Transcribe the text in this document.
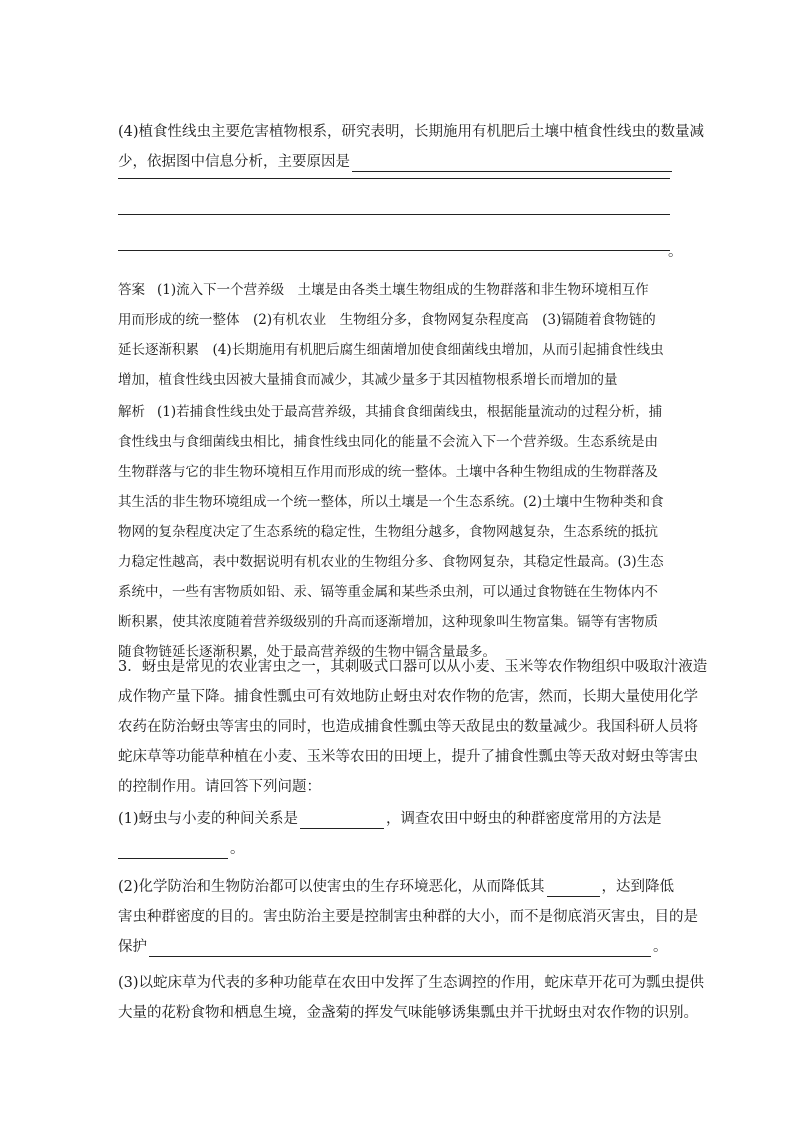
(4)植食性线虫主要危害植物根系，研究表明，长期施用有机肥后土壤中植食性线虫的数量减
少，依据图中信息分析，主要原因是
。
答案 (1)流入下一个营养级　土壤是由各类土壤生物组成的生物群落和非生物环境相互作
用而形成的统一整体　(2)有机农业　生物组分多，食物网复杂程度高　(3)镉随着食物链的
延长逐渐积累　(4)长期施用有机肥后腐生细菌增加使食细菌线虫增加，从而引起捕食性线虫
增加，植食性线虫因被大量捕食而减少，其减少量多于其因植物根系增长而增加的量
解析 (1)若捕食性线虫处于最高营养级，其捕食食细菌线虫，根据能量流动的过程分析，捕
食性线虫与食细菌线虫相比，捕食性线虫同化的能量不会流入下一个营养级。生态系统是由
生物群落与它的非生物环境相互作用而形成的统一整体。土壤中各种生物组成的生物群落及
其生活的非生物环境组成一个统一整体，所以土壤是一个生态系统。(2)土壤中生物种类和食
物网的复杂程度决定了生态系统的稳定性，生物组分越多，食物网越复杂，生态系统的抵抗
力稳定性越高，表中数据说明有机农业的生物组分多、食物网复杂，其稳定性最高。(3)生态
系统中，一些有害物质如铅、汞、镉等重金属和某些杀虫剂，可以通过食物链在生物体内不
断积累，使其浓度随着营养级级别的升高而逐渐增加，这种现象叫生物富集。镉等有害物质
随食物链延长逐渐积累，处于最高营养级的生物中镉含量最多。
3．蚜虫是常见的农业害虫之一，其刺吸式口器可以从小麦、玉米等农作物组织中吸取汁液造
成作物产量下降。捕食性瓢虫可有效地防止蚜虫对农作物的危害，然而，长期大量使用化学
农药在防治蚜虫等害虫的同时，也造成捕食性瓢虫等天敌昆虫的数量减少。我国科研人员将
蛇床草等功能草种植在小麦、玉米等农田的田埂上，提升了捕食性瓢虫等天敌对蚜虫等害虫
的控制作用。请回答下列问题：
(1)蚜虫与小麦的种间关系是	，调查农田中蚜虫的种群密度常用的方法是
。
(2)化学防治和生物防治都可以使害虫的生存环境恶化，从而降低其	，达到降低
害虫种群密度的目的。害虫防治主要是控制害虫种群的大小，而不是彻底消灭害虫，目的是
保护	。
(3)以蛇床草为代表的多种功能草在农田中发挥了生态调控的作用，蛇床草开花可为瓢虫提供
大量的花粉食物和栖息生境，金盏菊的挥发气味能够诱集瓢虫并干扰蚜虫对农作物的识别。
